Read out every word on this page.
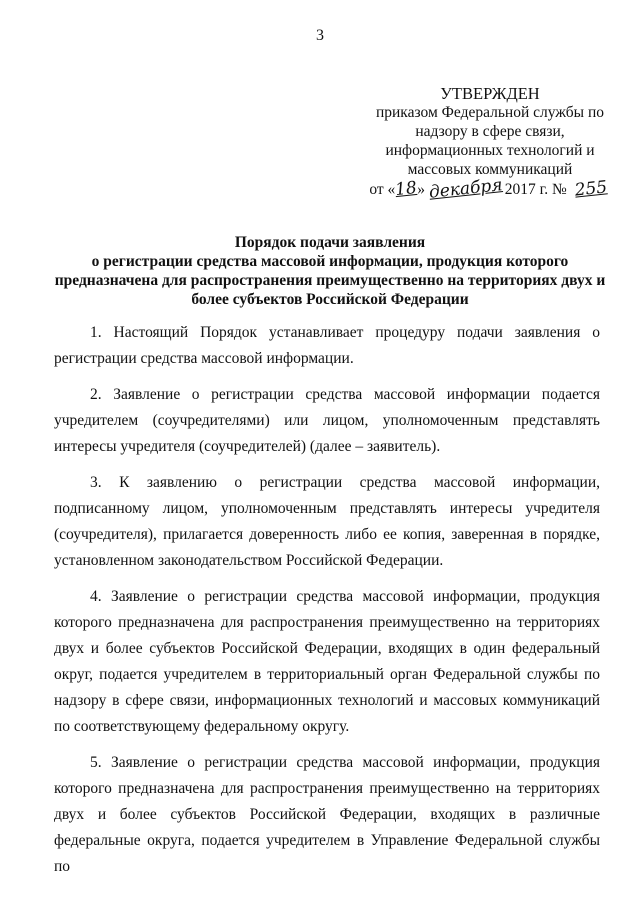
3
УТВЕРЖДЕН
приказом Федеральной службы по
надзору в сфере связи,
информационных технологий и
массовых коммуникаций
от «18» декабря 2017 г. № 255
Порядок подачи заявления
о регистрации средства массовой информации, продукция которого
предназначена для распространения преимущественно на территориях двух и
более субъектов Российской Федерации

1. Настоящий Порядок устанавливает процедуру подачи заявления о регистрации средства массовой информации.

2. Заявление о регистрации средства массовой информации подается учредителем (соучредителями) или лицом, уполномоченным представлять интересы учредителя (соучредителей) (далее – заявитель).

3. К заявлению о регистрации средства массовой информации, подписанному лицом, уполномоченным представлять интересы учредителя (соучредителя), прилагается доверенность либо ее копия, заверенная в порядке, установленном законодательством Российской Федерации.

4. Заявление о регистрации средства массовой информации, продукция которого предназначена для распространения преимущественно на территориях двух и более субъектов Российской Федерации, входящих в один федеральный округ, подается учредителем в территориальный орган Федеральной службы по надзору в сфере связи, информационных технологий и массовых коммуникаций по соответствующему федеральному округу.

5. Заявление о регистрации средства массовой информации, продукция которого предназначена для распространения преимущественно на территориях двух и более субъектов Российской Федерации, входящих в различные федеральные округа, подается учредителем в Управление Федеральной службы по
